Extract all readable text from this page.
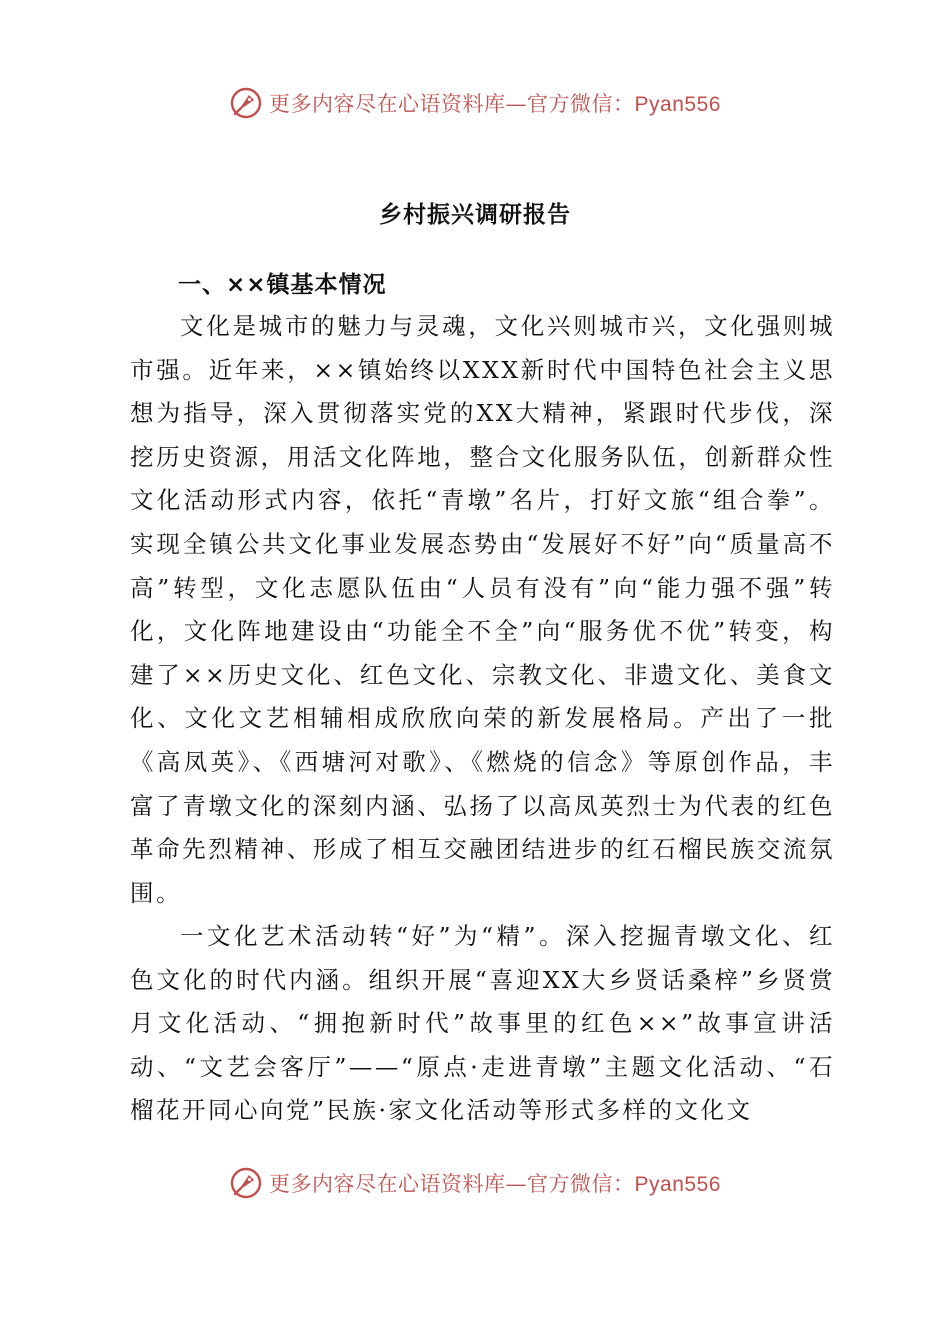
更多内容尽在心语资料库—官方微信：Pyan556
乡村振兴调研报告
一、××镇基本情况

文化是城市的魅力与灵魂，文化兴则城市兴，文化强则城市强。近年来，××镇始终以XXX新时代中国特色社会主义思想为指导，深入贯彻落实党的XX大精神，紧跟时代步伐，深挖历史资源，用活文化阵地，整合文化服务队伍，创新群众性文化活动形式内容，依托“青墩”名片，打好文旅“组合拳”。实现全镇公共文化事业发展态势由“发展好不好”向“质量高不高”转型，文化志愿队伍由“人员有没有”向“能力强不强”转化，文化阵地建设由“功能全不全”向“服务优不优”转变，构建了××历史文化、红色文化、宗教文化、非遗文化、美食文化、文化文艺相辅相成欣欣向荣的新发展格局。产出了一批《高凤英》、《西塘河对歌》、《燃烧的信念》等原创作品，丰富了青墩文化的深刻内涵、弘扬了以高凤英烈士为代表的红色革命先烈精神、形成了相互交融团结进步的红石榴民族交流氛围。

一文化艺术活动转“好”为“精”。深入挖掘青墩文化、红色文化的时代内涵。组织开展“喜迎XX大乡贤话桑梓”乡贤赏月文化活动、“拥抱新时代”故事里的红色××”故事宣讲活动、“文艺会客厅”——“原点·走进青墩”主题文化活动、“石榴花开同心向党”民族·家文化活动等形式多样的文化文

更多内容尽在心语资料库—官方微信：Pyan556
